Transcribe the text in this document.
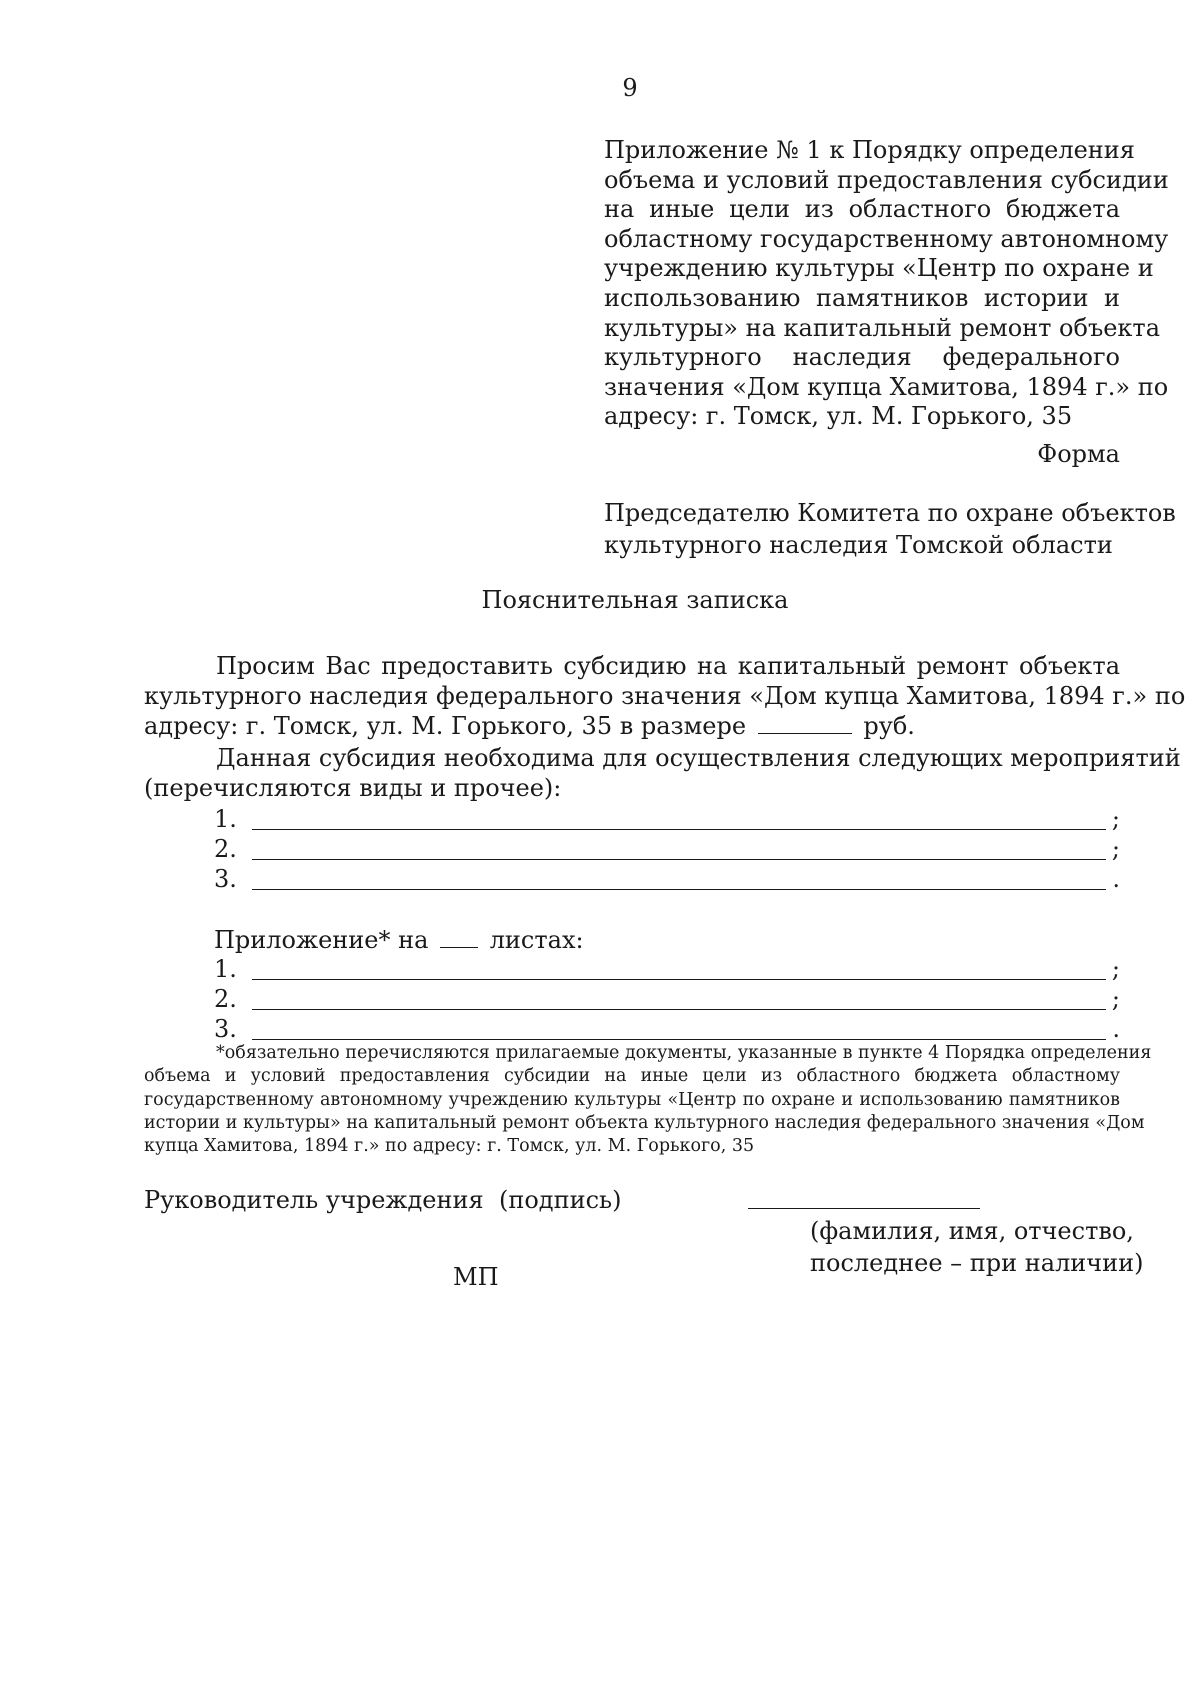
9
Приложение № 1 к Порядку определения
объема и условий предоставления субсидии
на иные цели из областного бюджета
областному государственному автономному
учреждению культуры «Центр по охране и
использованию памятников истории и
культуры» на капитальный ремонт объекта
культурного наследия федерального
значения «Дом купца Хамитова, 1894 г.» по
адресу: г. Томск, ул. М. Горького, 35
Форма
Председателю Комитета по охране объектов
культурного наследия Томской области
Пояснительная записка
Просим Вас предоставить субсидию на капитальный ремонт объекта
культурного наследия федерального значения «Дом купца Хамитова, 1894 г.» по
адресу: г. Томск, ул. М. Горького, 35 в размере	руб.
Данная субсидия необходима для осуществления следующих мероприятий
(перечисляются виды и прочее):
1.	;
2.	;
3.	.
Приложение* на	листах:
1.	;
2.	;
3.	.
*обязательно перечисляются прилагаемые документы, указанные в пункте 4 Порядка определения
объема и условий предоставления субсидии на иные цели из областного бюджета областному
государственному автономному учреждению культуры «Центр по охране и использованию памятников
истории и культуры» на капитальный ремонт объекта культурного наследия федерального значения «Дом
купца Хамитова, 1894 г.» по адресу: г. Томск, ул. М. Горького, 35
Руководитель учреждения (подпись)
(фамилия, имя, отчество,
последнее – при наличии)
МП
